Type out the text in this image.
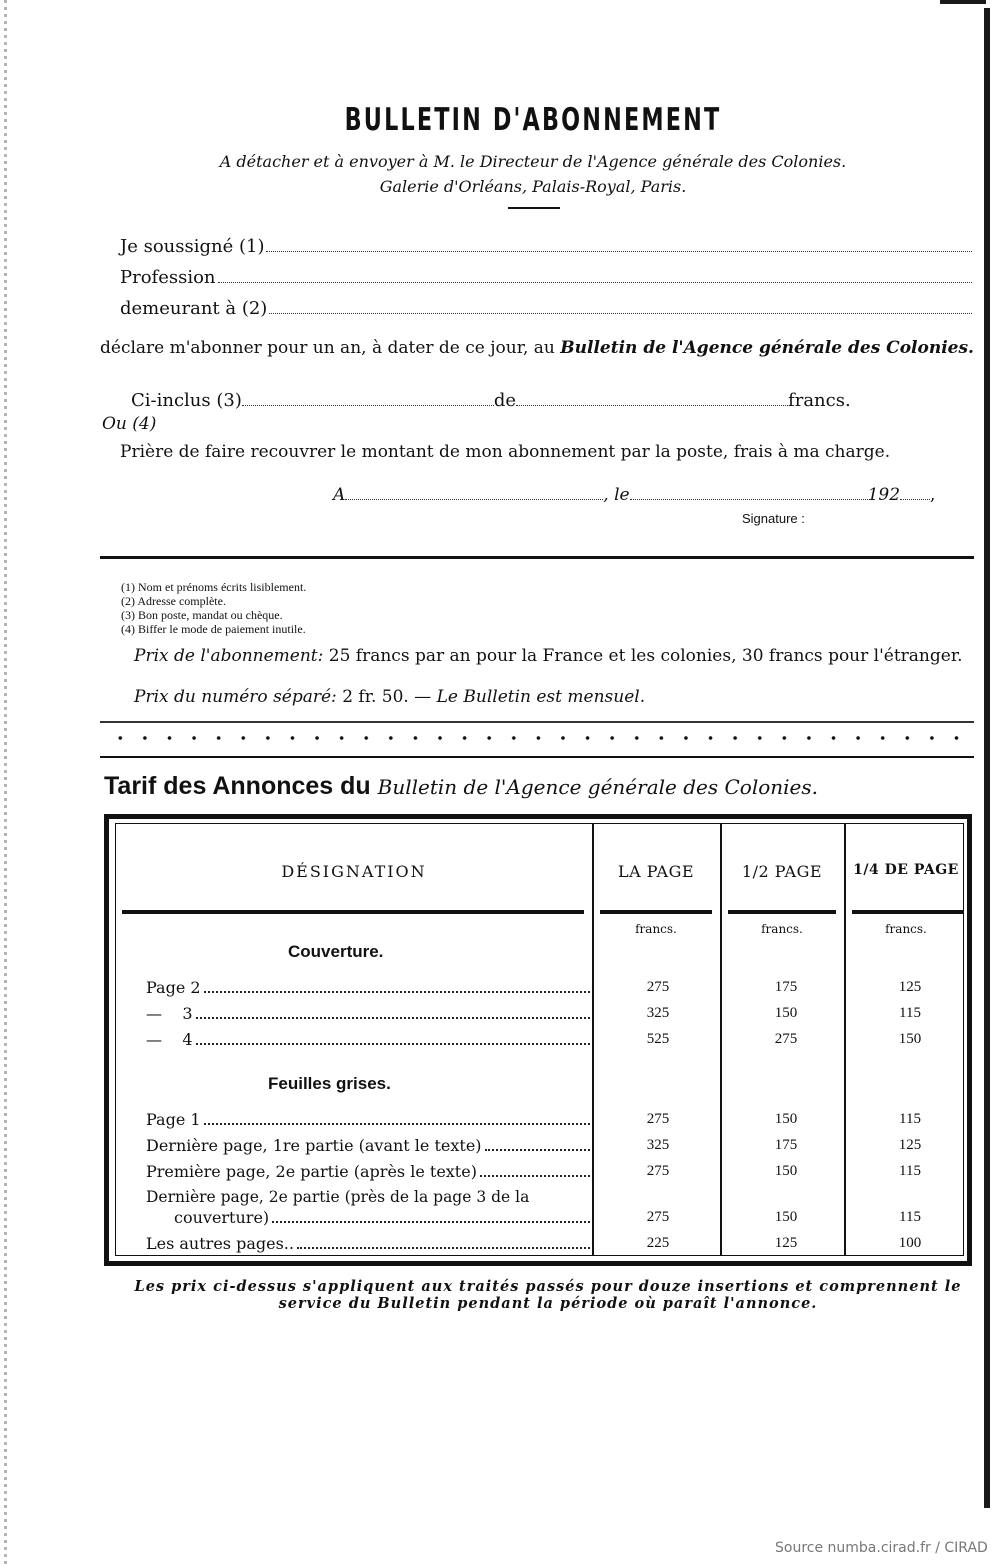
BULLETIN D'ABONNEMENT
A détacher et à envoyer à M. le Directeur de l'Agence générale des Colonies.
Galerie d'Orléans, Palais-Royal, Paris.
Je soussigné (1)
Profession
demeurant à (2)
déclare m'abonner pour un an, à dater de ce jour, au Bulletin de l'Agence générale des Colonies.
Ci-inclus (3)	de	francs.
Ou (4)
Prière de faire recouvrer le montant de mon abonnement par la poste, frais à ma charge.
A	, le	192 ,
Signature :
(1) Nom et prénoms écrits lisiblement.
(2) Adresse complète.
(3) Bon poste, mandat ou chèque.
(4) Biffer le mode de paiement inutile.
Prix de l'abonnement: 25 francs par an pour la France et les colonies, 30 francs pour l'étranger.
Prix du numéro séparé: 2 fr. 50. — Le Bulletin est mensuel.
Tarif des Annonces du Bulletin de l'Agence générale des Colonies.
DÉSIGNATION	LA PAGE	1/2 PAGE	1/4 DE PAGE
francs.	francs.	francs.
Couverture.
Page 2	275	175	125
—    3	325	150	115
—    4	525	275	150
Feuilles grises.
Page 1	275	150	115
Dernière page, 1re partie (avant le texte)	325	175	125
Première page, 2e partie (après le texte)	275	150	115
Dernière page, 2e partie (près de la page 3 de la
couverture)	275	150	115
Les autres pages..	225	125	100
Les prix ci-dessus s'appliquent aux traités passés pour douze insertions et comprennent le service du Bulletin pendant la période où paraît l'annonce.
Source numba.cirad.fr / CIRAD
